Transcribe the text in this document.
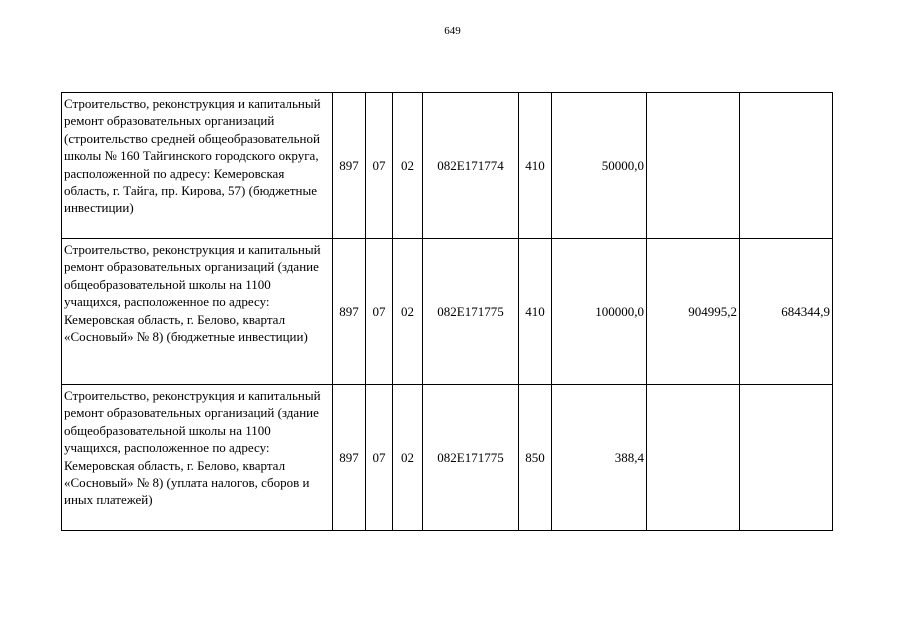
649
Строительство, реконструкция и капитальный ремонт образовательных организаций (строительство средней общеобразовательной школы № 160 Тайгинского городского округа, расположенной по адресу: Кемеровская область, г. Тайга, пр. Кирова, 57) (бюджетные инвестиции)	897	07	02	082E171774	410	50000,0		
Строительство, реконструкция и капитальный ремонт образовательных организаций (здание общеобразовательной школы на 1100 учащихся, расположенное по адресу: Кемеровская область, г. Белово, квартал «Сосновый» № 8) (бюджетные инвестиции)	897	07	02	082E171775	410	100000,0	904995,2	684344,9
Строительство, реконструкция и капитальный ремонт образовательных организаций (здание общеобразовательной школы на 1100 учащихся, расположенное по адресу: Кемеровская область, г. Белово, квартал «Сосновый» № 8) (уплата налогов, сборов и иных платежей)	897	07	02	082E171775	850	388,4		
